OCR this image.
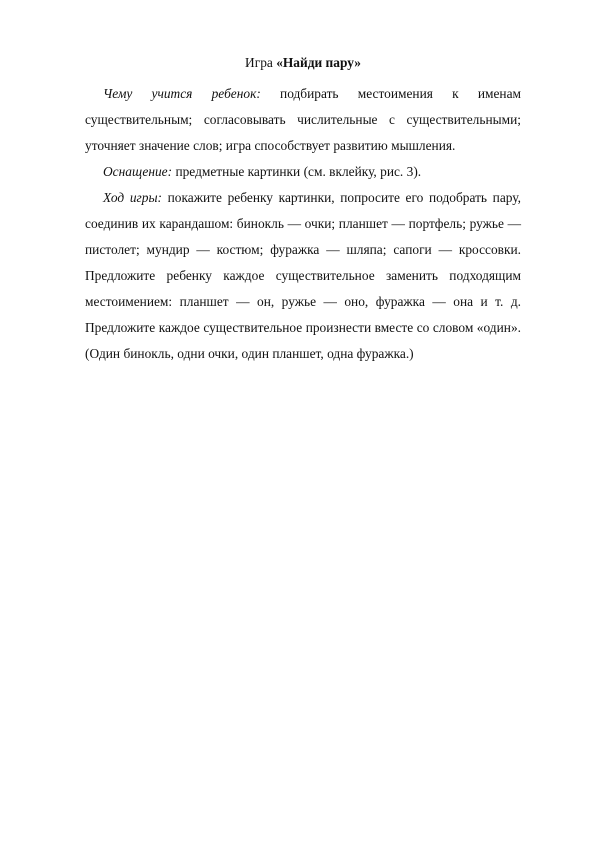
Игра «Найди пару»

Чему учится ребенок: подбирать местоимения к именам существительным; согласовывать числительные с существительными; уточняет значение слов; игра способствует развитию мышления.

Оснащение: предметные картинки (см. вклейку, рис. 3).

Ход игры: покажите ребенку картинки, попросите его подобрать пару, соединив их карандашом: бинокль — очки; планшет — портфель; ружье — пистолет; мундир — костюм; фуражка — шляпа; сапоги — кроссовки. Предложите ребенку каждое существительное заменить подходящим местоимением: планшет — он, ружье — оно, фуражка — она и т. д. Предложите каждое существительное произнести вместе со словом «один». (Один бинокль, одни очки, один планшет, одна фуражка.)
